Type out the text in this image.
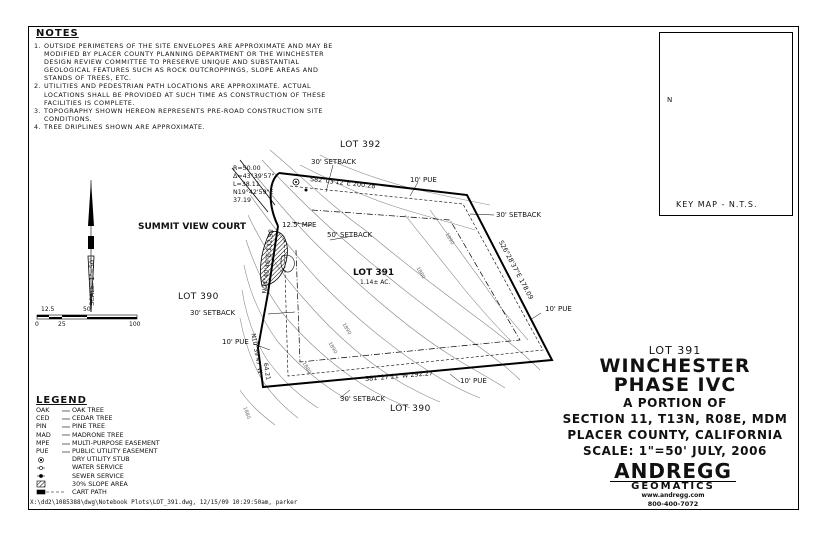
NOTES
1. OUTSIDE PERIMETERS OF THE SITE ENVELOPES ARE APPROXIMATE AND MAY BE MODIFIED BY PLACER COUNTY PLANNING DEPARTMENT OR THE WINCHESTER DESIGN REVIEW COMMITTEE TO PRESERVE UNIQUE AND SUBSTANTIAL GEOLOGICAL FEATURES SUCH AS ROCK OUTCROPPINGS, SLOPE AREAS AND STANDS OF TREES, ETC.
2. UTILITIES AND PEDESTRIAN PATH LOCATIONS ARE APPROXIMATE. ACTUAL LOCATIONS SHALL BE PROVIDED AT SUCH TIME AS CONSTRUCTION OF THESE FACILITIES IS COMPLETE.
3. TOPOGRAPHY SHOWN HEREON REPRESENTS PRE-ROAD CONSTRUCTION SITE CONDITIONS.
4. TREE DRIPLINES SHOWN ARE APPROXIMATE.
LOT 392
LOT 390
LOT 390
LOT 391
1.14± AC.
SUMMIT VIEW COURT
R=50.00
Δ=43°39'57"
L=38.11
N19°42'59"E
37.19
S82°03'12"E 200.28
S26°28'37"E 178.09
S81°27'21"W 292.27
N04°40'46"E 132.90
N10°39'47"W
64.21
30' SETBACK
30' SETBACK
30' SETBACK
30' SETBACK
50' SETBACK
10' PUE
10' PUE
10' PUE
10' PUE
12.5' MPE
1880
1890
1890
1880
1890
1880
SCALE: 1"=50'
12.5	50
0	25	100
N
KEY MAP - N.T.S.
LOT 391
WINCHESTER
PHASE IVC
A PORTION OF
SECTION 11, T13N, R08E, MDM
PLACER COUNTY, CALIFORNIA
SCALE: 1"=50' JULY, 2006
ANDREGG
GEOMATICS
www.andregg.com
800-400-7072
LEGEND
OAK	OAK TREE
CED	CEDAR TREE
PIN	PINE TREE
MAD	MADRONE TREE
MPE	MULTI-PURPOSE EASEMENT
PUE	PUBLIC UTILITY EASEMENT
DRY UTILITY STUB
WATER SERVICE
SEWER SERVICE
30% SLOPE AREA
CART PATH
X:\dd2\1085388\dwg\Notebook Plots\LOT_391.dwg, 12/15/09 10:29:50am, parker
